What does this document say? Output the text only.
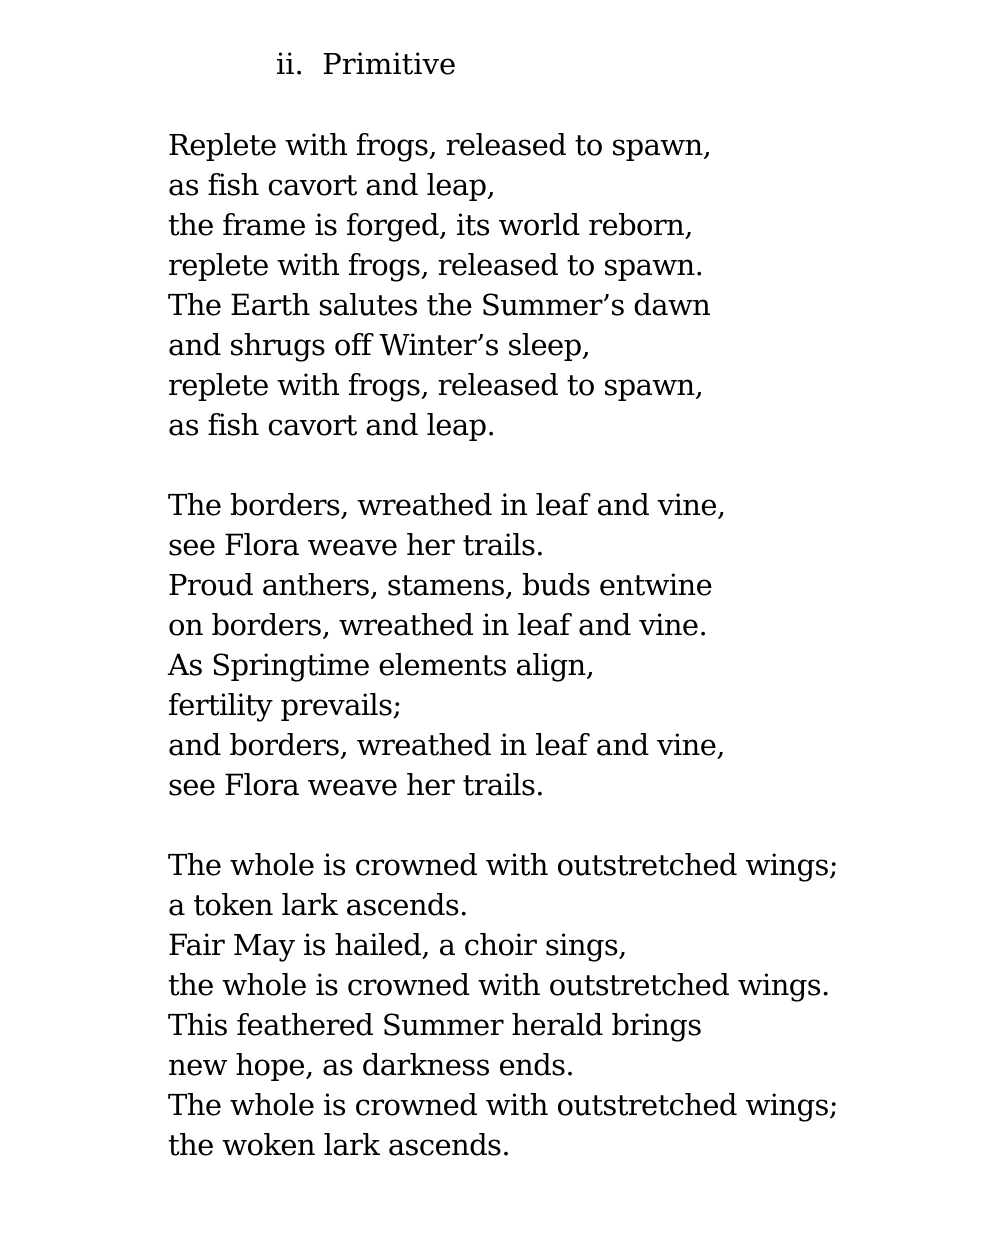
ii. Primitive
Replete with frogs, released to spawn,
as fish cavort and leap,
the frame is forged, its world reborn,
replete with frogs, released to spawn.
The Earth salutes the Summer’s dawn
and shrugs off Winter’s sleep,
replete with frogs, released to spawn,
as fish cavort and leap.
The borders, wreathed in leaf and vine,
see Flora weave her trails.
Proud anthers, stamens, buds entwine
on borders, wreathed in leaf and vine.
As Springtime elements align,
fertility prevails;
and borders, wreathed in leaf and vine,
see Flora weave her trails.
The whole is crowned with outstretched wings;
a token lark ascends.
Fair May is hailed, a choir sings,
the whole is crowned with outstretched wings.
This feathered Summer herald brings
new hope, as darkness ends.
The whole is crowned with outstretched wings;
the woken lark ascends.
